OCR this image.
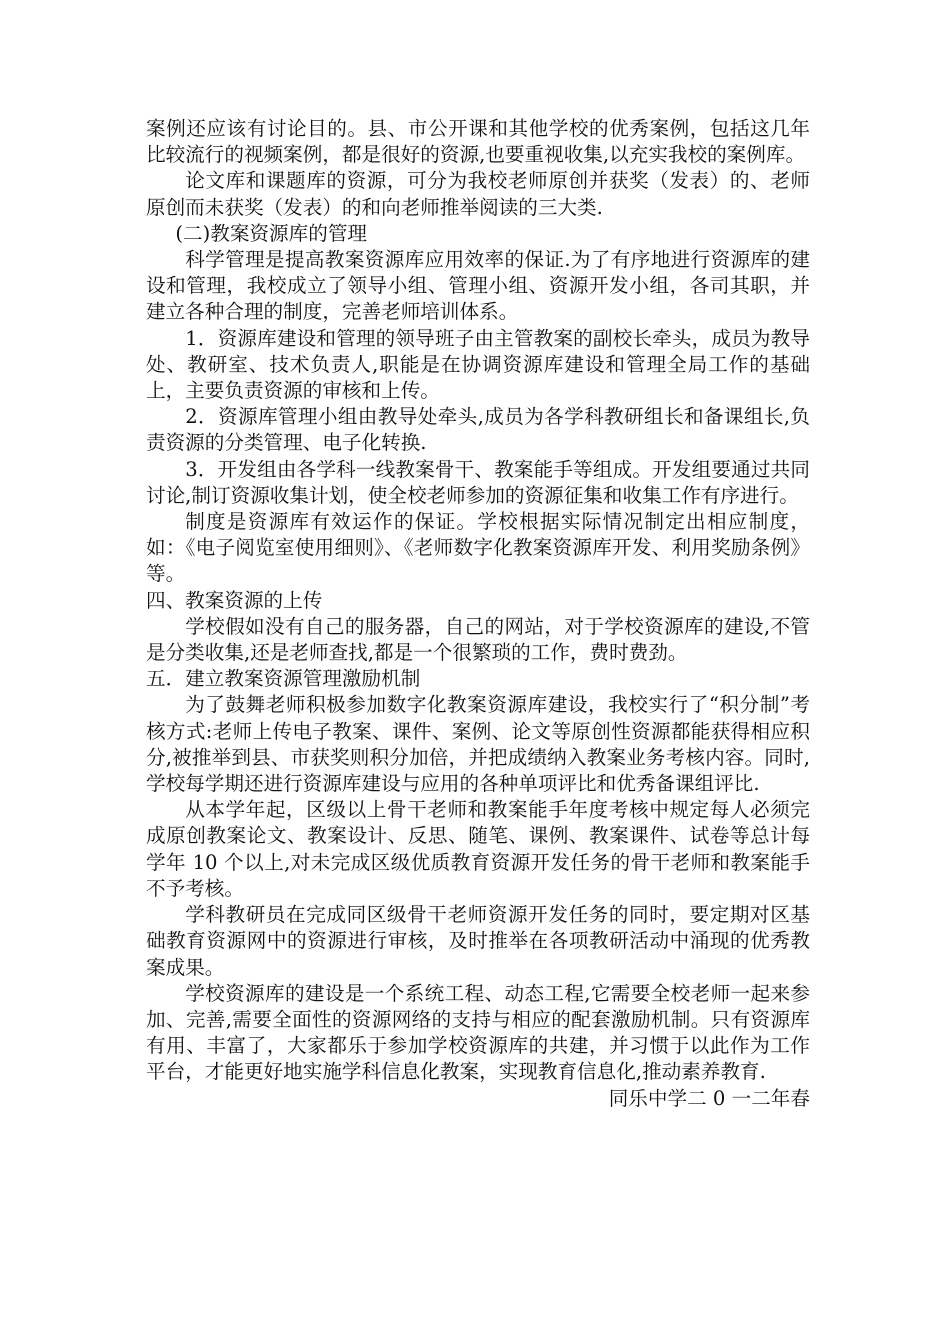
案例还应该有讨论目的。县、市公开课和其他学校的优秀案例，包括这几年比较流行的视频案例，都是很好的资源,也要重视收集,以充实我校的案例库。

论文库和课题库的资源，可分为我校老师原创并获奖（发表）的、老师原创而未获奖（发表）的和向老师推举阅读的三大类.

(二)教案资源库的管理

科学管理是提高教案资源库应用效率的保证.为了有序地进行资源库的建设和管理，我校成立了领导小组、管理小组、资源开发小组，各司其职，并建立各种合理的制度，完善老师培训体系。

1．资源库建设和管理的领导班子由主管教案的副校长牵头，成员为教导处、教研室、技术负责人,职能是在协调资源库建设和管理全局工作的基础上，主要负责资源的审核和上传。

2．资源库管理小组由教导处牵头,成员为各学科教研组长和备课组长,负责资源的分类管理、电子化转换.

3．开发组由各学科一线教案骨干、教案能手等组成。开发组要通过共同讨论,制订资源收集计划，使全校老师参加的资源征集和收集工作有序进行。

制度是资源库有效运作的保证。学校根据实际情况制定出相应制度，如：《电子阅览室使用细则》、《老师数字化教案资源库开发、利用奖励条例》等。

四、教案资源的上传

学校假如没有自己的服务器，自己的网站，对于学校资源库的建设,不管是分类收集,还是老师查找,都是一个很繁琐的工作，费时费劲。

五．建立教案资源管理激励机制

为了鼓舞老师积极参加数字化教案资源库建设，我校实行了“积分制”考核方式:老师上传电子教案、课件、案例、论文等原创性资源都能获得相应积分,被推举到县、市获奖则积分加倍，并把成绩纳入教案业务考核内容。同时,学校每学期还进行资源库建设与应用的各种单项评比和优秀备课组评比.

从本学年起，区级以上骨干老师和教案能手年度考核中规定每人必须完成原创教案论文、教案设计、反思、随笔、课例、教案课件、试卷等总计每学年 10 个以上,对未完成区级优质教育资源开发任务的骨干老师和教案能手不予考核。

学科教研员在完成同区级骨干老师资源开发任务的同时，要定期对区基础教育资源网中的资源进行审核，及时推举在各项教研活动中涌现的优秀教案成果。

学校资源库的建设是一个系统工程、动态工程,它需要全校老师一起来参加、完善,需要全面性的资源网络的支持与相应的配套激励机制。只有资源库有用、丰富了，大家都乐于参加学校资源库的共建，并习惯于以此作为工作平台，才能更好地实施学科信息化教案，实现教育信息化,推动素养教育.

同乐中学二 0 一二年春
